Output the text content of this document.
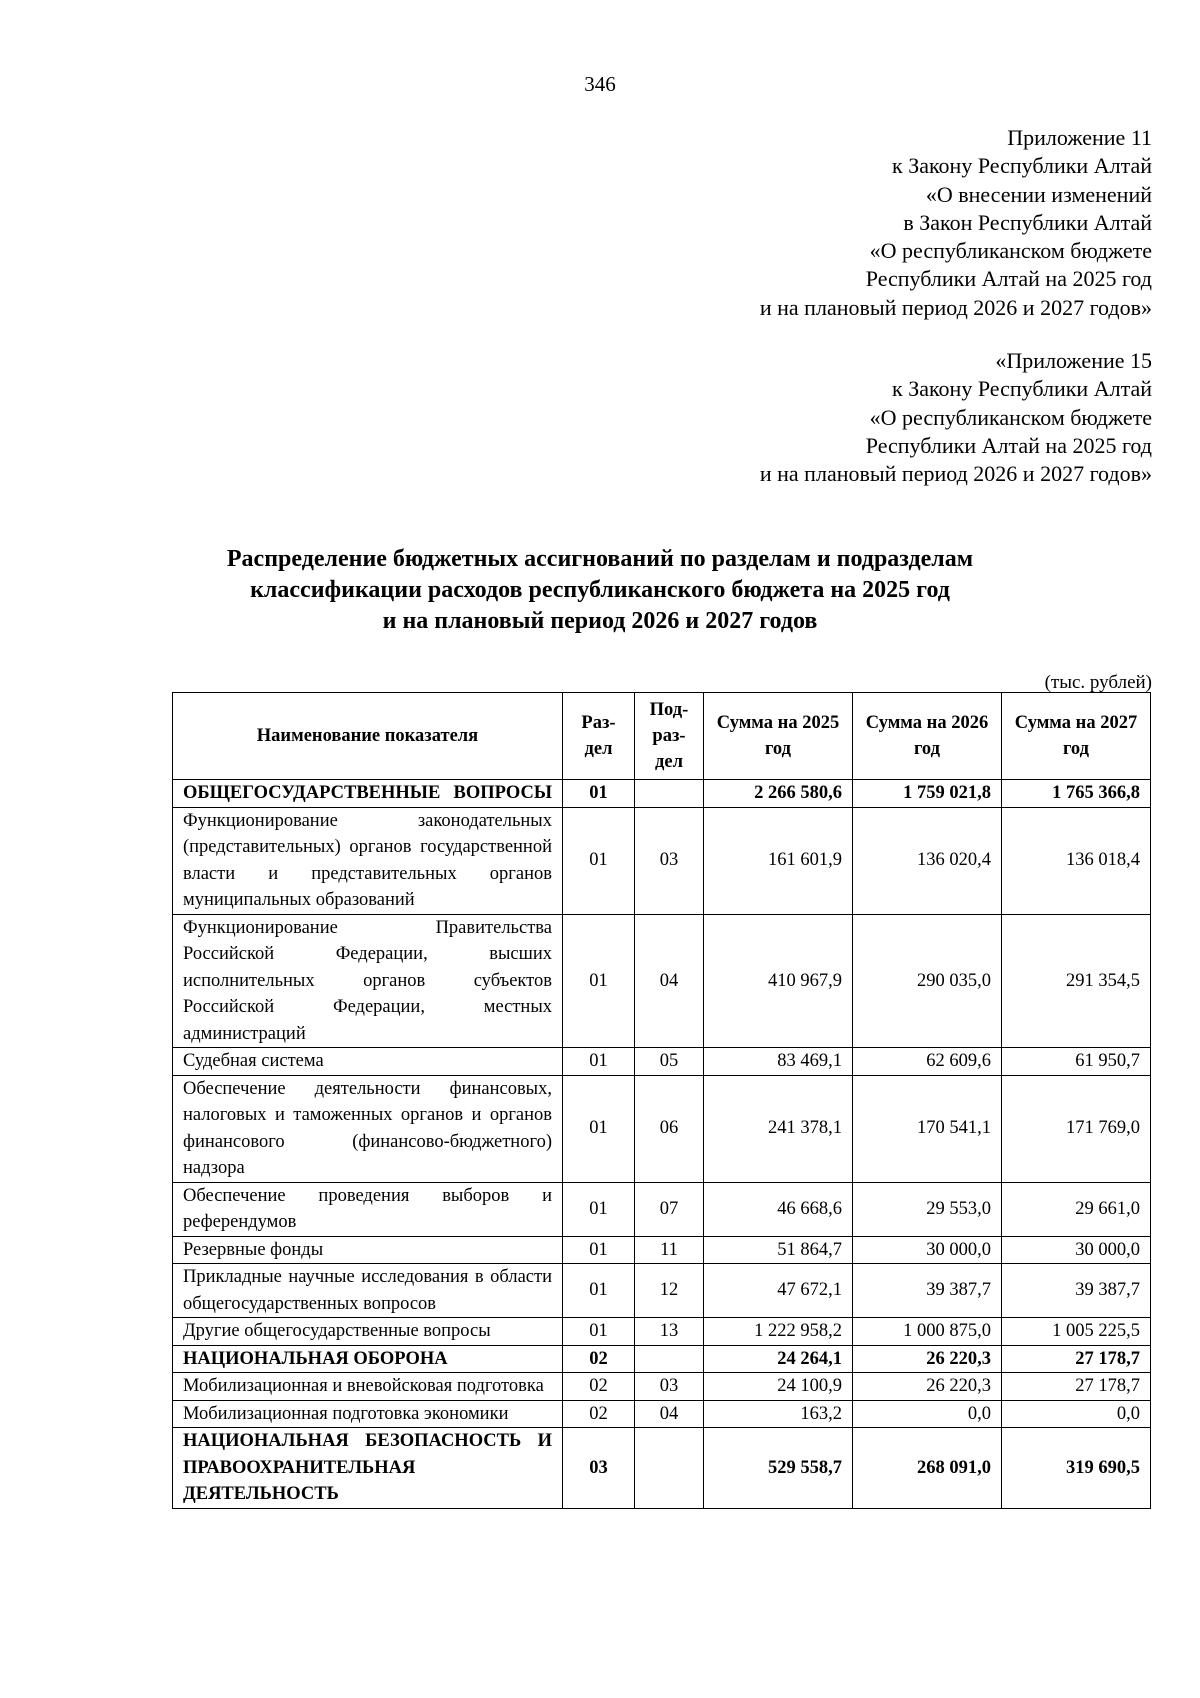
346
Приложение 11
к Закону Республики Алтай
«О внесении изменений
в Закон Республики Алтай
«О республиканском бюджете
Республики Алтай на 2025 год
и на плановый период 2026 и 2027 годов»
«Приложение 15
к Закону Республики Алтай
«О республиканском бюджете
Республики Алтай на 2025 год
и на плановый период 2026 и 2027 годов»
Распределение бюджетных ассигнований по разделам и подразделам
классификации расходов республиканского бюджета на 2025 год
и на плановый период 2026 и 2027 годов
(тыс. рублей)
Наименование показателя	Раз-дел	Под-раз-дел	Сумма на 2025 год	Сумма на 2026 год	Сумма на 2027 год
ОБЩЕГОСУДАРСТВЕННЫЕ ВОПРОСЫ	01		2 266 580,6	1 759 021,8	1 765 366,8
Функционирование законодательных (представительных) органов государственной власти и представительных органов муниципальных образований	01	03	161 601,9	136 020,4	136 018,4
Функционирование Правительства Российской Федерации, высших исполнительных органов субъектов Российской Федерации, местных администраций	01	04	410 967,9	290 035,0	291 354,5
Судебная система	01	05	83 469,1	62 609,6	61 950,7
Обеспечение деятельности финансовых, налоговых и таможенных органов и органов финансового (финансово-бюджетного) надзора	01	06	241 378,1	170 541,1	171 769,0
Обеспечение проведения выборов и референдумов	01	07	46 668,6	29 553,0	29 661,0
Резервные фонды	01	11	51 864,7	30 000,0	30 000,0
Прикладные научные исследования в области общегосударственных вопросов	01	12	47 672,1	39 387,7	39 387,7
Другие общегосударственные вопросы	01	13	1 222 958,2	1 000 875,0	1 005 225,5
НАЦИОНАЛЬНАЯ ОБОРОНА	02		24 264,1	26 220,3	27 178,7
Мобилизационная и вневойсковая подготовка	02	03	24 100,9	26 220,3	27 178,7
Мобилизационная подготовка экономики	02	04	163,2	0,0	0,0
НАЦИОНАЛЬНАЯ БЕЗОПАСНОСТЬ И ПРАВООХРАНИТЕЛЬНАЯ ДЕЯТЕЛЬНОСТЬ	03		529 558,7	268 091,0	319 690,5
